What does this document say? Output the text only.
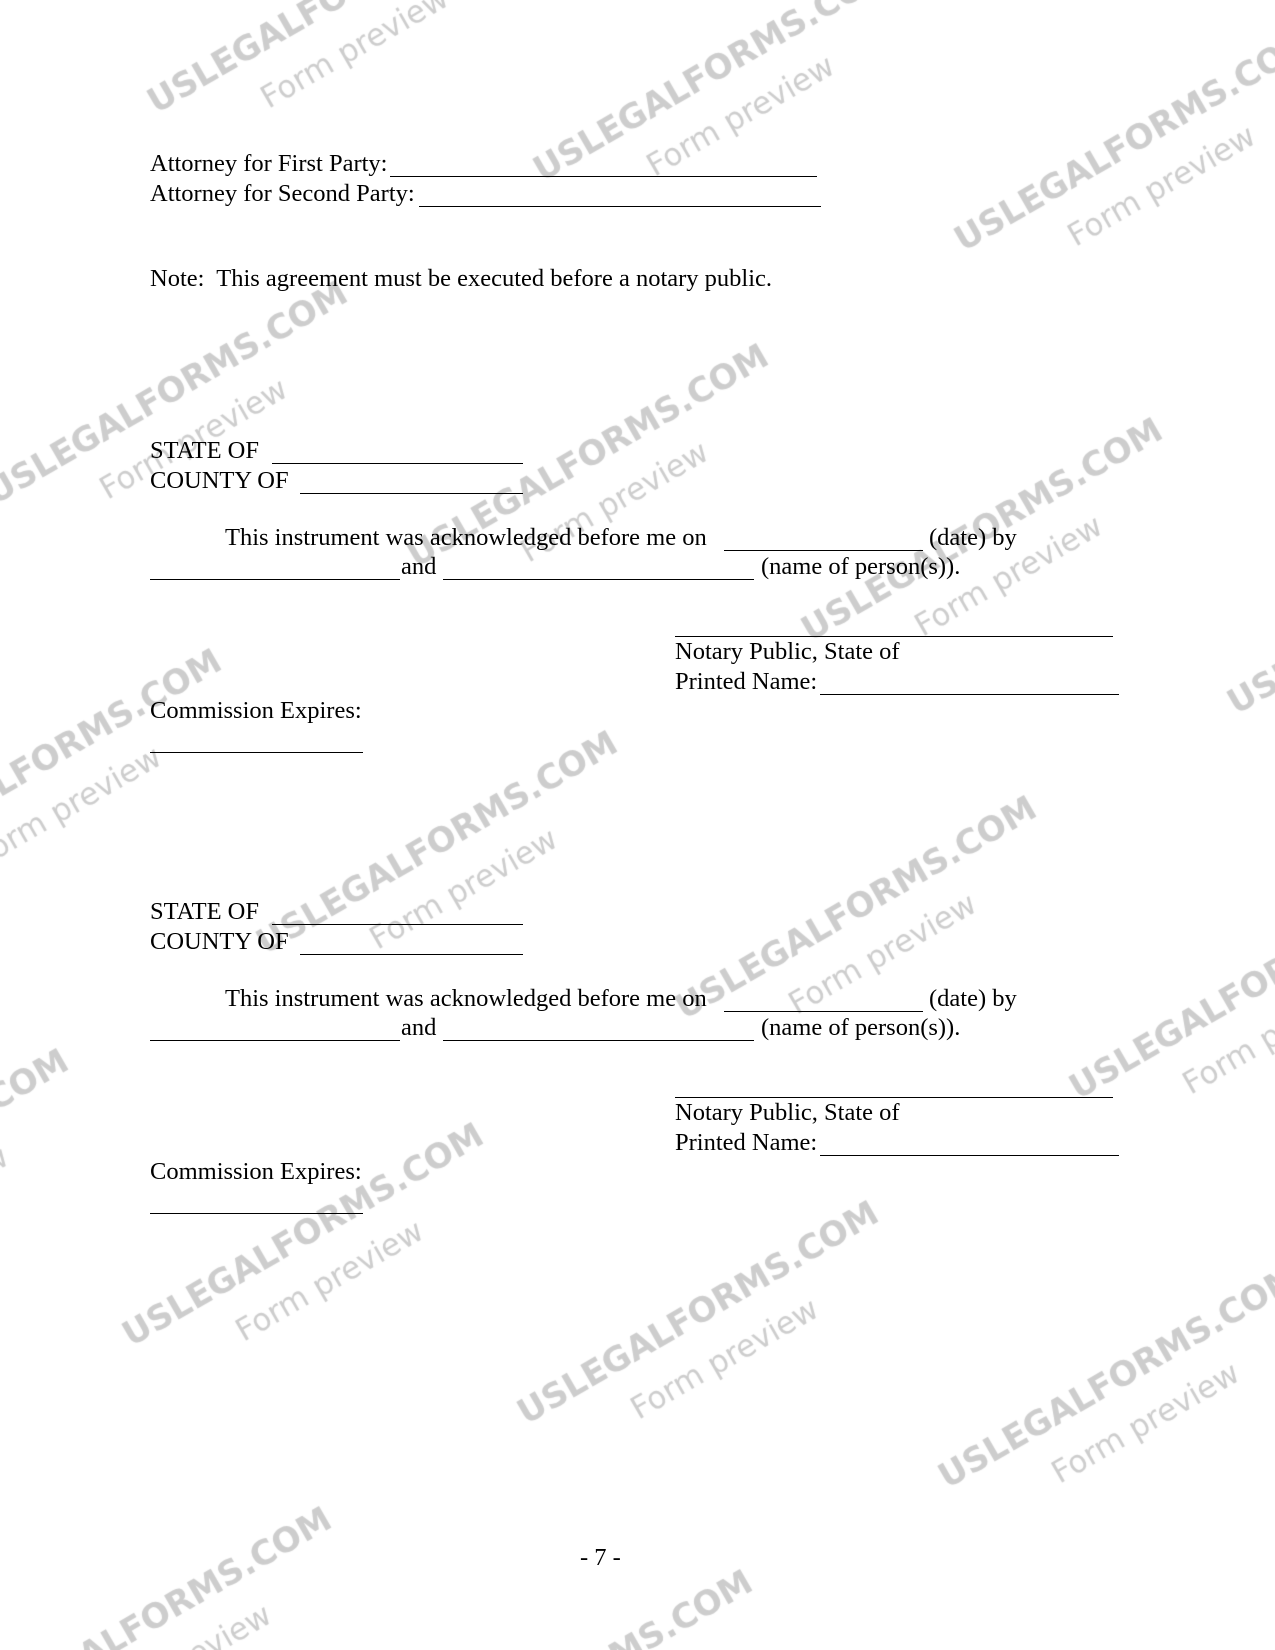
Attorney for First Party:
Attorney for Second Party:
Note:  This agreement must be executed before a notary public.
STATE OF
COUNTY OF
This instrument was acknowledged before me on	(date) by
and	(name of person(s)).
Notary Public, State of
Printed Name:
Commission Expires:
STATE OF
COUNTY OF
This instrument was acknowledged before me on	(date) by
and	(name of person(s)).
Notary Public, State of
Printed Name:
Commission Expires:
- 7 -
